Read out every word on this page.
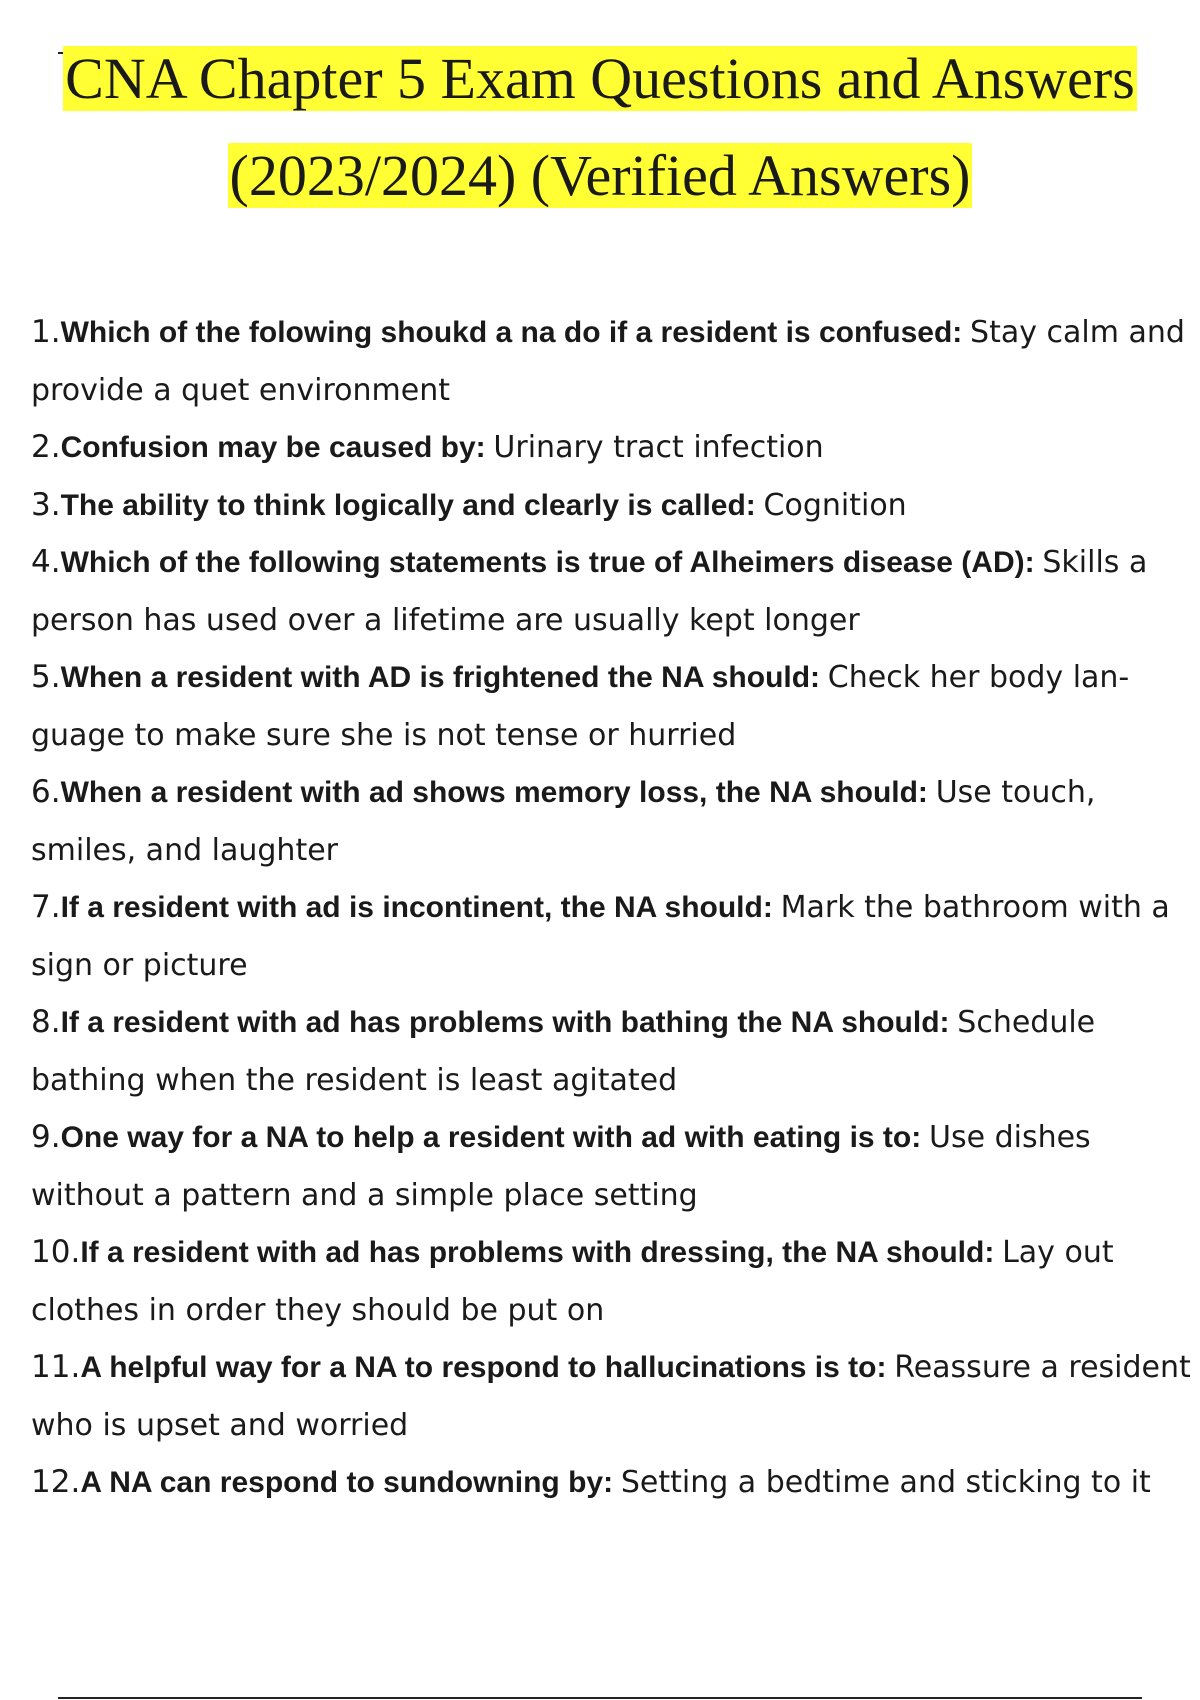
CNA Chapter 5 Exam Questions and Answers
(2023/2024) (Verified Answers)
1.Which of the folowing shoukd a na do if a resident is confused: Stay calm and provide a quet environment
2.Confusion may be caused by: Urinary tract infection
3.The ability to think logically and clearly is called: Cognition
4.Which of the following statements is true of Alheimers disease (AD): Skills a person has used over a lifetime are usually kept longer
5.When a resident with AD is frightened the NA should: Check her body lan- guage to make sure she is not tense or hurried
6.When a resident with ad shows memory loss, the NA should: Use touch, smiles, and laughter
7.If a resident with ad is incontinent, the NA should: Mark the bathroom with a sign or picture
8.If a resident with ad has problems with bathing the NA should: Schedule bathing when the resident is least agitated
9.One way for a NA to help a resident with ad with eating is to: Use dishes without a pattern and a simple place setting
10.If a resident with ad has problems with dressing, the NA should: Lay out clothes in order they should be put on
11.A helpful way for a NA to respond to hallucinations is to: Reassure a resident who is upset and worried
12.A NA can respond to sundowning by: Setting a bedtime and sticking to it
